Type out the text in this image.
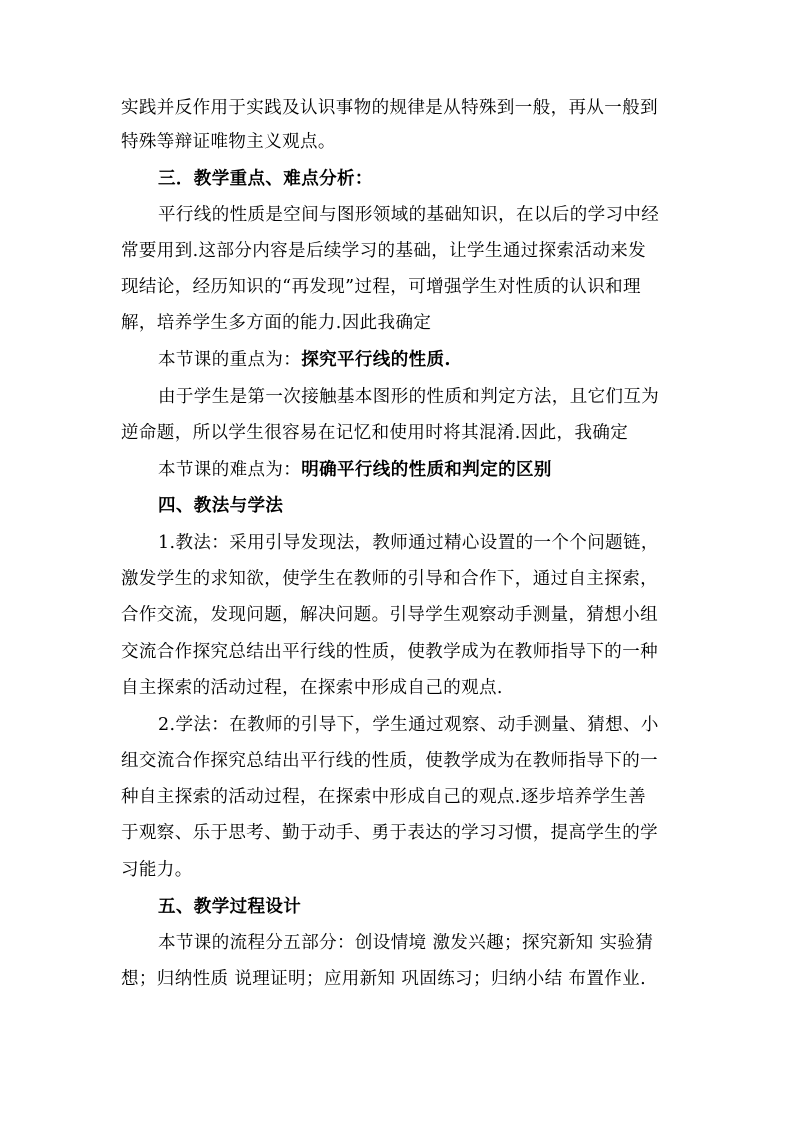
实践并反作用于实践及认识事物的规律是从特殊到一般，再从一般到
特殊等辩证唯物主义观点。
三．教学重点、难点分析：
平行线的性质是空间与图形领域的基础知识，在以后的学习中经
常要用到.这部分内容是后续学习的基础，让学生通过探索活动来发
现结论，经历知识的“再发现”过程，可增强学生对性质的认识和理
解，培养学生多方面的能力.因此我确定
本节课的重点为：探究平行线的性质.
由于学生是第一次接触基本图形的性质和判定方法，且它们互为
逆命题，所以学生很容易在记忆和使用时将其混淆.因此，我确定
本节课的难点为：明确平行线的性质和判定的区别
四、教法与学法
1.教法：采用引导发现法，教师通过精心设置的一个个问题链，
激发学生的求知欲，使学生在教师的引导和合作下，通过自主探索，
合作交流，发现问题，解决问题。引导学生观察动手测量，猜想小组
交流合作探究总结出平行线的性质，使教学成为在教师指导下的一种
自主探索的活动过程，在探索中形成自己的观点.
2.学法：在教师的引导下，学生通过观察、动手测量、猜想、小
组交流合作探究总结出平行线的性质，使教学成为在教师指导下的一
种自主探索的活动过程，在探索中形成自己的观点.逐步培养学生善
于观察、乐于思考、勤于动手、勇于表达的学习习惯，提高学生的学
习能力。
五、教学过程设计
本节课的流程分五部分：创设情境 激发兴趣；探究新知 实验猜
想；归纳性质 说理证明；应用新知 巩固练习；归纳小结 布置作业.
